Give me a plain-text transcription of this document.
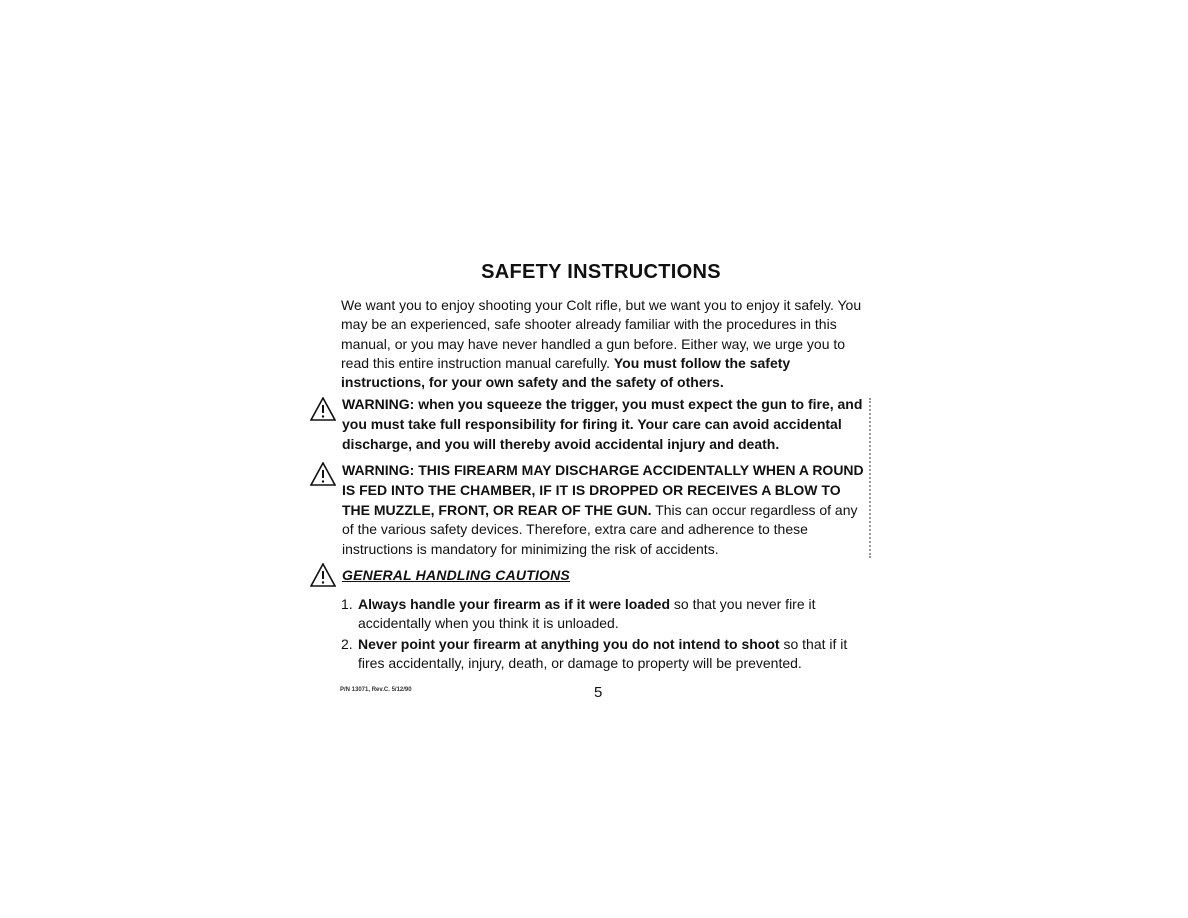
SAFETY INSTRUCTIONS

We want you to enjoy shooting your Colt rifle, but we want you to enjoy it safely. You may be an experienced, safe shooter already familiar with the procedures in this manual, or you may have never handled a gun before. Either way, we urge you to read this entire instruction manual carefully. You must follow the safety instructions, for your own safety and the safety of others.

WARNING: when you squeeze the trigger, you must expect the gun to fire, and you must take full responsibility for firing it. Your care can avoid accidental discharge, and you will thereby avoid accidental injury and death.

WARNING: THIS FIREARM MAY DISCHARGE ACCIDENTALLY WHEN A ROUND IS FED INTO THE CHAMBER, IF IT IS DROPPED OR RECEIVES A BLOW TO THE MUZZLE, FRONT, OR REAR OF THE GUN. This can occur regardless of any of the various safety devices. Therefore, extra care and adherence to these instructions is mandatory for minimizing the risk of accidents.

GENERAL HANDLING CAUTIONS
1. Always handle your firearm as if it were loaded so that you never fire it accidentally when you think it is unloaded.
2. Never point your firearm at anything you do not intend to shoot so that if it fires accidentally, injury, death, or damage to property will be prevented.
P/N 13071, Rev.C. 5/12/90	5
